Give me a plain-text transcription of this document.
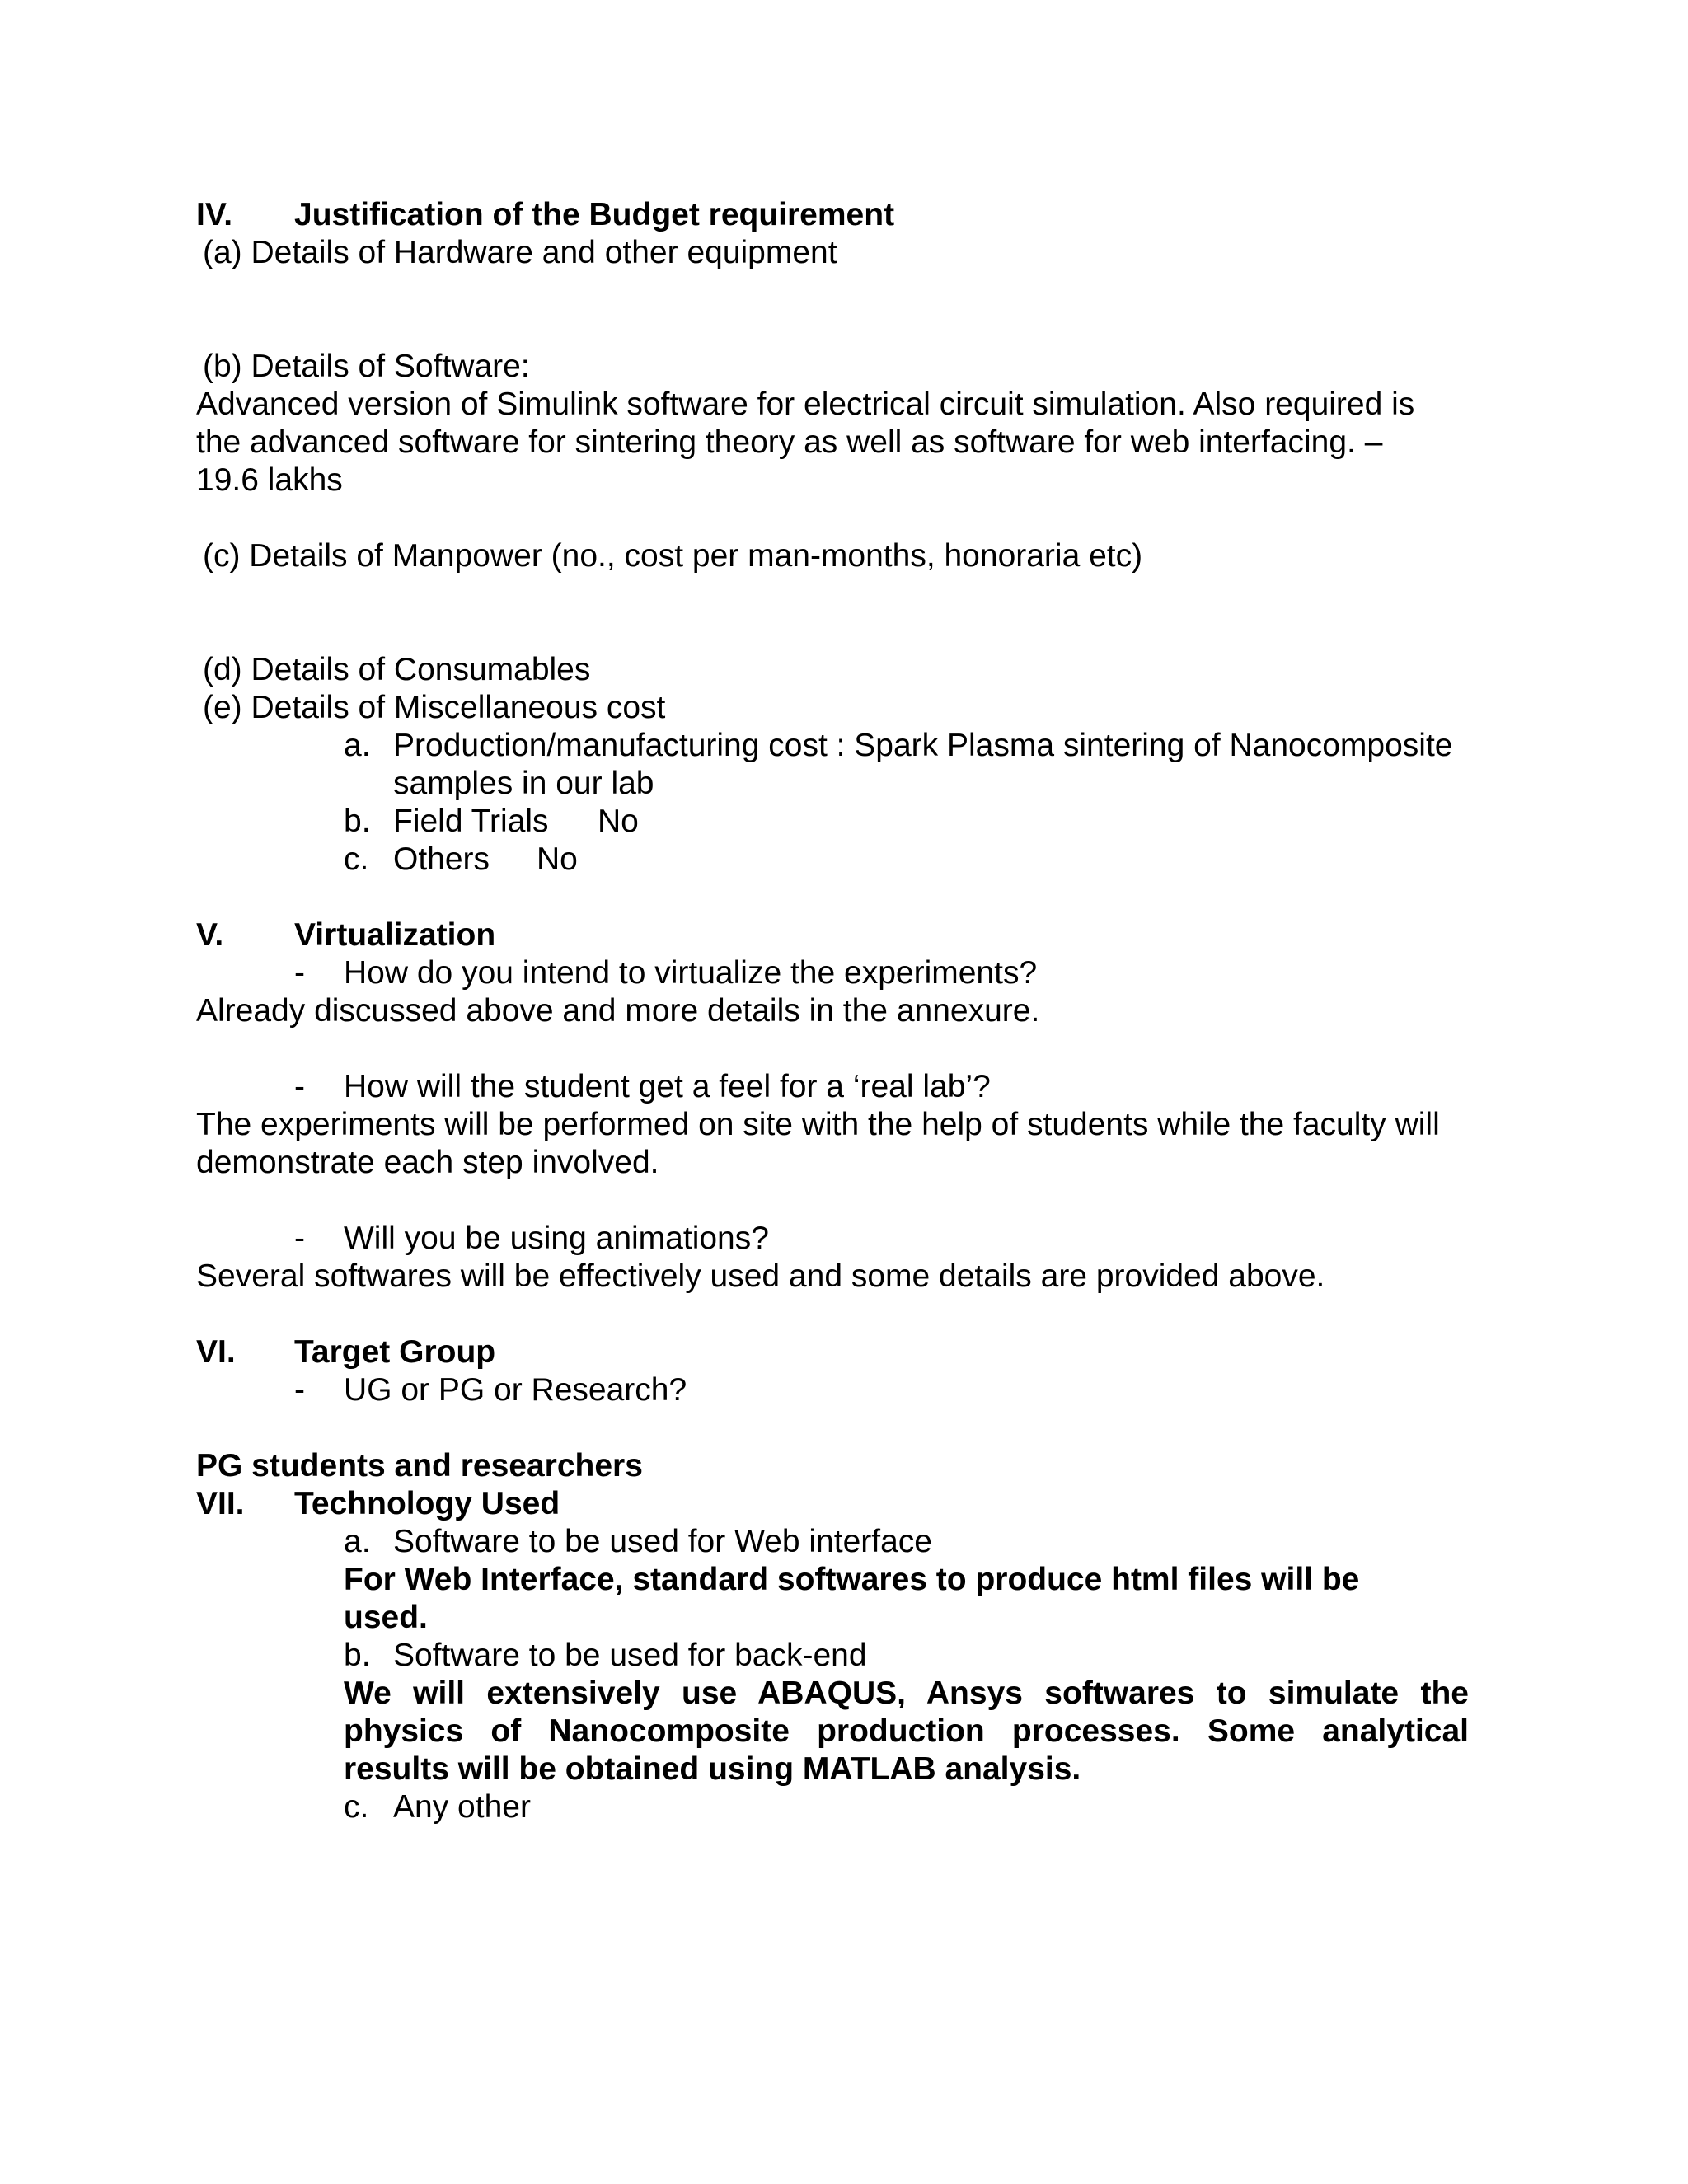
IV. Justification of the Budget requirement
(a) Details of Hardware and other equipment
(b) Details of Software:
Advanced version of Simulink software for electrical circuit simulation. Also required is
the advanced software for sintering theory as well as software for web interfacing. –
19.6 lakhs
(c) Details of Manpower (no., cost per man-months, honoraria etc)
(d) Details of Consumables
(e) Details of Miscellaneous cost
a. Production/manufacturing cost : Spark Plasma sintering of Nanocomposite
samples in our lab
b. Field Trials No
c. Others No
V. Virtualization
- How do you intend to virtualize the experiments?
Already discussed above and more details in the annexure.
- How will the student get a feel for a ‘real lab’?
The experiments will be performed on site with the help of students while the faculty will
demonstrate each step involved.
- Will you be using animations?
Several softwares will be effectively used and some details are provided above.
VI. Target Group
- UG or PG or Research?
PG students and researchers
VII. Technology Used
a. Software to be used for Web interface
For Web Interface, standard softwares to produce html files will be
used.
b. Software to be used for back-end
We will extensively use ABAQUS, Ansys softwares to simulate the
physics of Nanocomposite production processes. Some analytical
results will be obtained using MATLAB analysis.
c. Any other
